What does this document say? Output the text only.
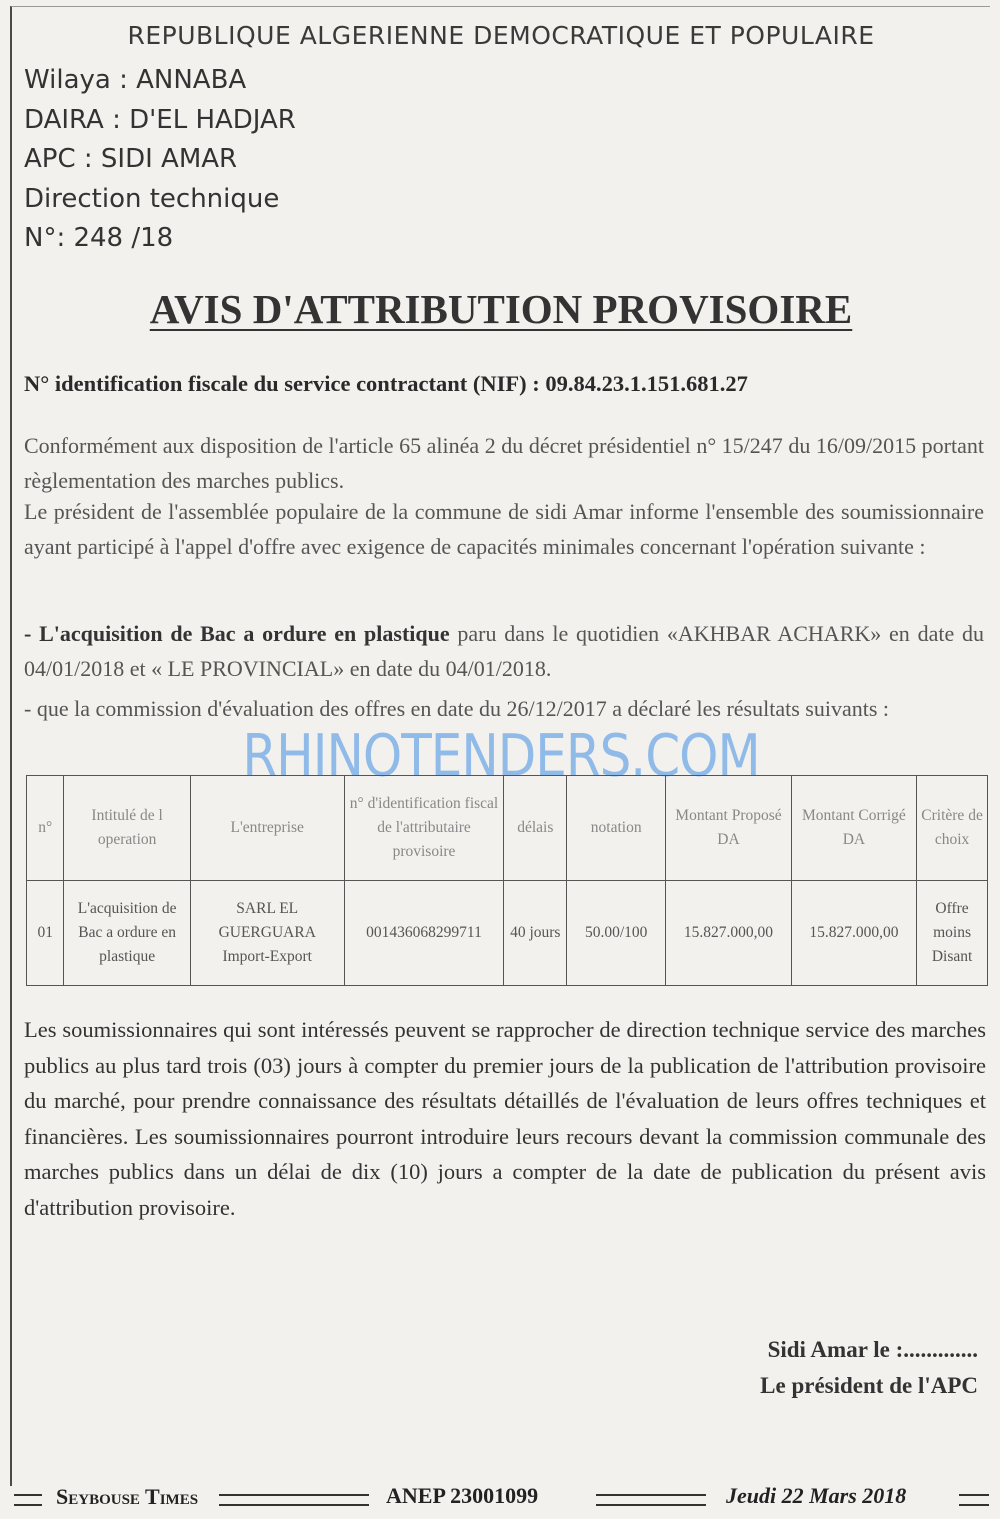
REPUBLIQUE ALGERIENNE DEMOCRATIQUE ET POPULAIRE
Wilaya : ANNABA
DAIRA : D'EL HADJAR
APC : SIDI AMAR
Direction technique
N°: 248 /18
AVIS D'ATTRIBUTION PROVISOIRE
N° identification fiscale du service contractant (NIF) : 09.84.23.1.151.681.27
Conformément aux disposition de l'article 65 alinéa 2 du décret présidentiel n° 15/247 du 16/09/2015 portant règlementation des marches publics.
Le président de l'assemblée populaire de la commune de sidi Amar informe l'ensemble des soumissionnaire ayant participé à l'appel d'offre avec exigence de capacités minimales concernant l'opération suivante :
- L'acquisition de Bac a ordure en plastique paru dans le quotidien «AKHBAR ACHARK» en date du 04/01/2018 et « LE PROVINCIAL» en date du 04/01/2018.
- que la commission d'évaluation des offres en date du 26/12/2017 a déclaré les résultats suivants :
RHINOTENDERS.COM
n°	Intitulé de l operation	L'entreprise	n° d'identification fiscal de l'attributaire provisoire	délais	notation	Montant Proposé DA	Montant Corrigé DA	Critère de choix
01	L'acquisition de Bac a ordure en plastique	SARL EL GUERGUARA Import-Export	001436068299711	40 jours	50.00/100	15.827.000,00	15.827.000,00	Offre moins Disant
Les soumissionnaires qui sont intéressés peuvent se rapprocher de direction technique service des marches publics au plus tard trois (03) jours à compter du premier jours de la publication de l'attribution provisoire du marché, pour prendre connaissance des résultats détaillés de l'évaluation de leurs offres techniques et financières. Les soumissionnaires pourront introduire leurs recours devant la commission communale des marches publics dans un délai de dix (10) jours a compter de la date de publication du présent avis d'attribution provisoire.
Sidi Amar le :.............
Le président de l'APC
Seybouse Times	ANEP 23001099	Jeudi 22 Mars 2018
